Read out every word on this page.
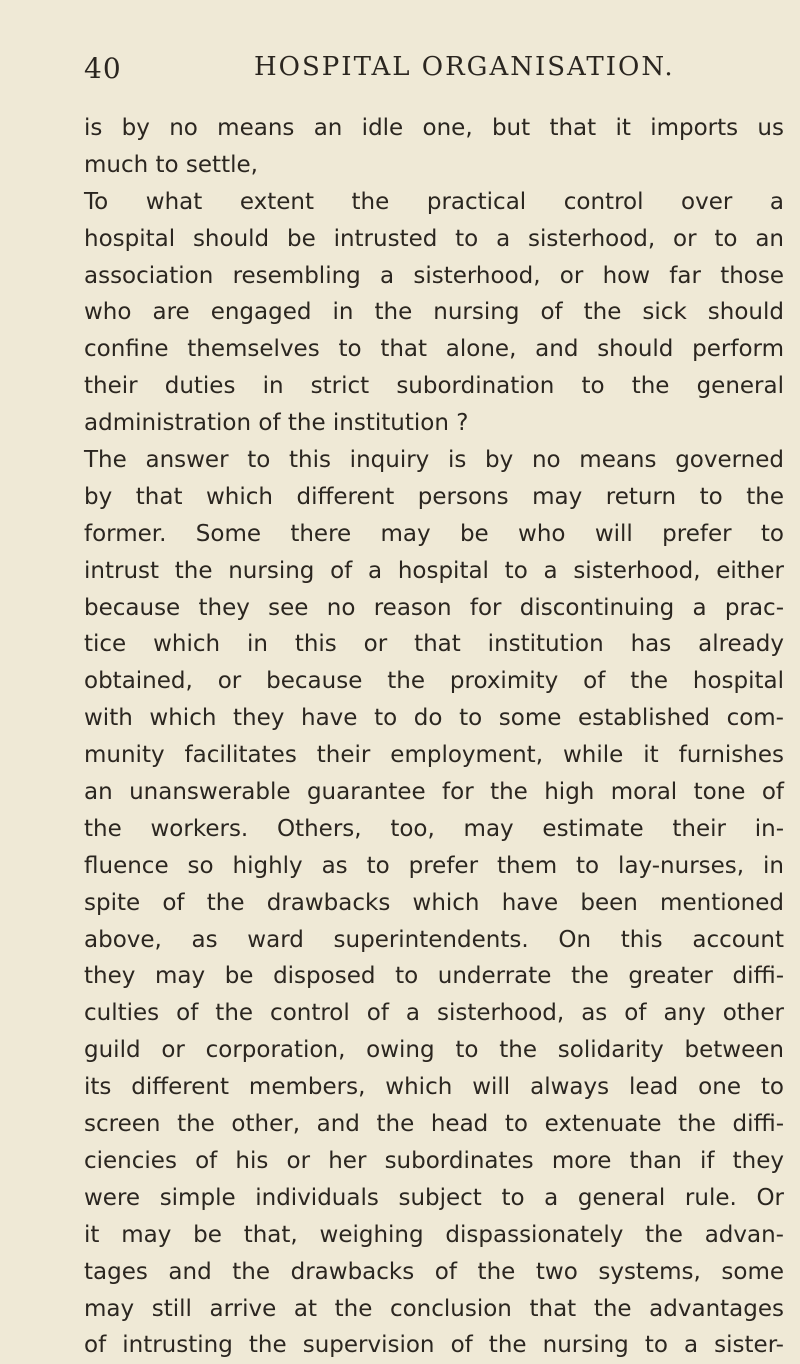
40	HOSPITAL ORGANISATION.
is by no means an idle one, but that it imports us
much to settle,
To what extent the practical control over a
hospital should be intrusted to a sisterhood, or to an
association resembling a sisterhood, or how far those
who are engaged in the nursing of the sick should
confine themselves to that alone, and should perform
their duties in strict subordination to the general
administration of the institution ?
The answer to this inquiry is by no means governed
by that which different persons may return to the
former. Some there may be who will prefer to
intrust the nursing of a hospital to a sisterhood, either
because they see no reason for discontinuing a prac-
tice which in this or that institution has already
obtained, or because the proximity of the hospital
with which they have to do to some established com-
munity facilitates their employment, while it furnishes
an unanswerable guarantee for the high moral tone of
the workers. Others, too, may estimate their in-
fluence so highly as to prefer them to lay-nurses, in
spite of the drawbacks which have been mentioned
above, as ward superintendents. On this account
they may be disposed to underrate the greater diffi-
culties of the control of a sisterhood, as of any other
guild or corporation, owing to the solidarity between
its different members, which will always lead one to
screen the other, and the head to extenuate the diffi-
ciencies of his or her subordinates more than if they
were simple individuals subject to a general rule. Or
it may be that, weighing dispassionately the advan-
tages and the drawbacks of the two systems, some
may still arrive at the conclusion that the advantages
of intrusting the supervision of the nursing to a sister-
